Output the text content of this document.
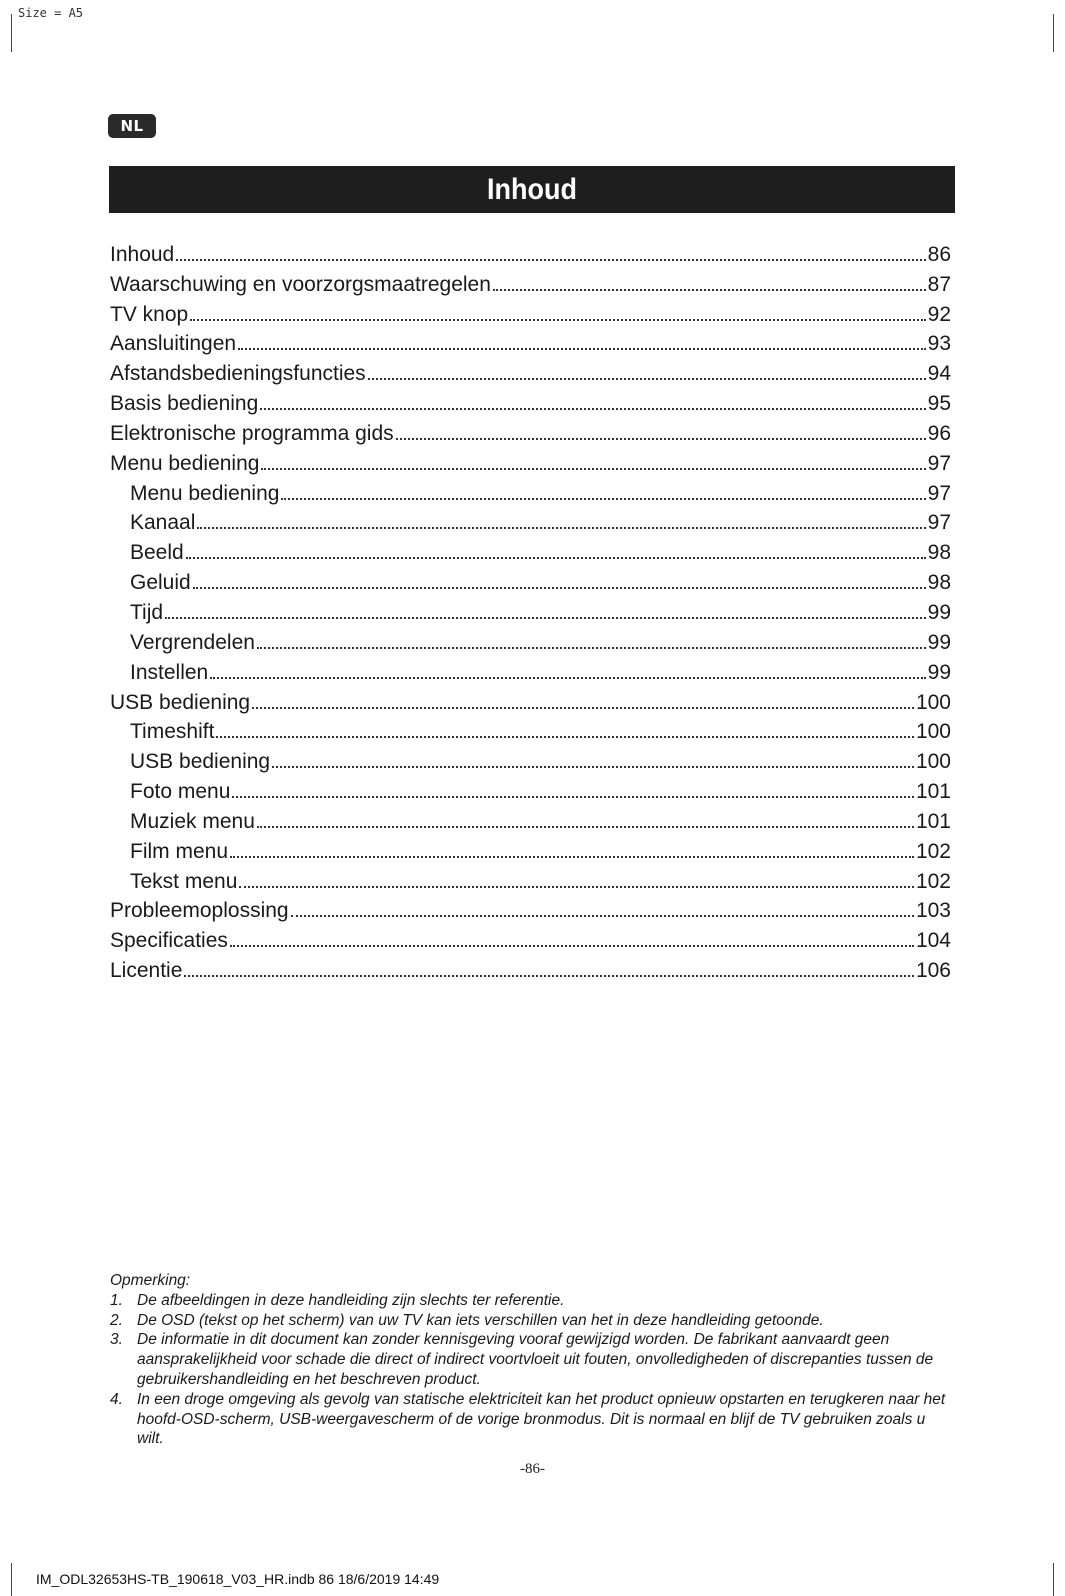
Size = A5
NL
Inhoud
Inhoud	86
Waarschuwing en voorzorgsmaatregelen	87
TV knop	92
Aansluitingen	93
Afstandsbedieningsfuncties	94
Basis bediening	95
Elektronische programma gids	96
Menu bediening	97
Menu bediening	97
Kanaal	97
Beeld	98
Geluid	98
Tijd	99
Vergrendelen	99
Instellen	99
USB bediening	100
Timeshift	100
USB bediening	100
Foto menu	101
Muziek menu	101
Film menu	102
Tekst menu	102
Probleemoplossing	103
Specificaties	104
Licentie	106

Opmerking:

1. De afbeeldingen in deze handleiding zijn slechts ter referentie.
2. De OSD (tekst op het scherm) van uw TV kan iets verschillen van het in deze handleiding getoonde.
3. De informatie in dit document kan zonder kennisgeving vooraf gewijzigd worden. De fabrikant aanvaardt geen aansprakelijkheid voor schade die direct of indirect voortvloeit uit fouten, onvolledigheden of discrepanties tussen de gebruikershandleiding en het beschreven product.
4. In een droge omgeving als gevolg van statische elektriciteit kan het product opnieuw opstarten en terugkeren naar het hoofd-OSD-scherm, USB-weergavescherm of de vorige bronmodus. Dit is normaal en blijf de TV gebruiken zoals u wilt.
-86-
IM_ODL32653HS-TB_190618_V03_HR.indb 86 18/6/2019 14:49
